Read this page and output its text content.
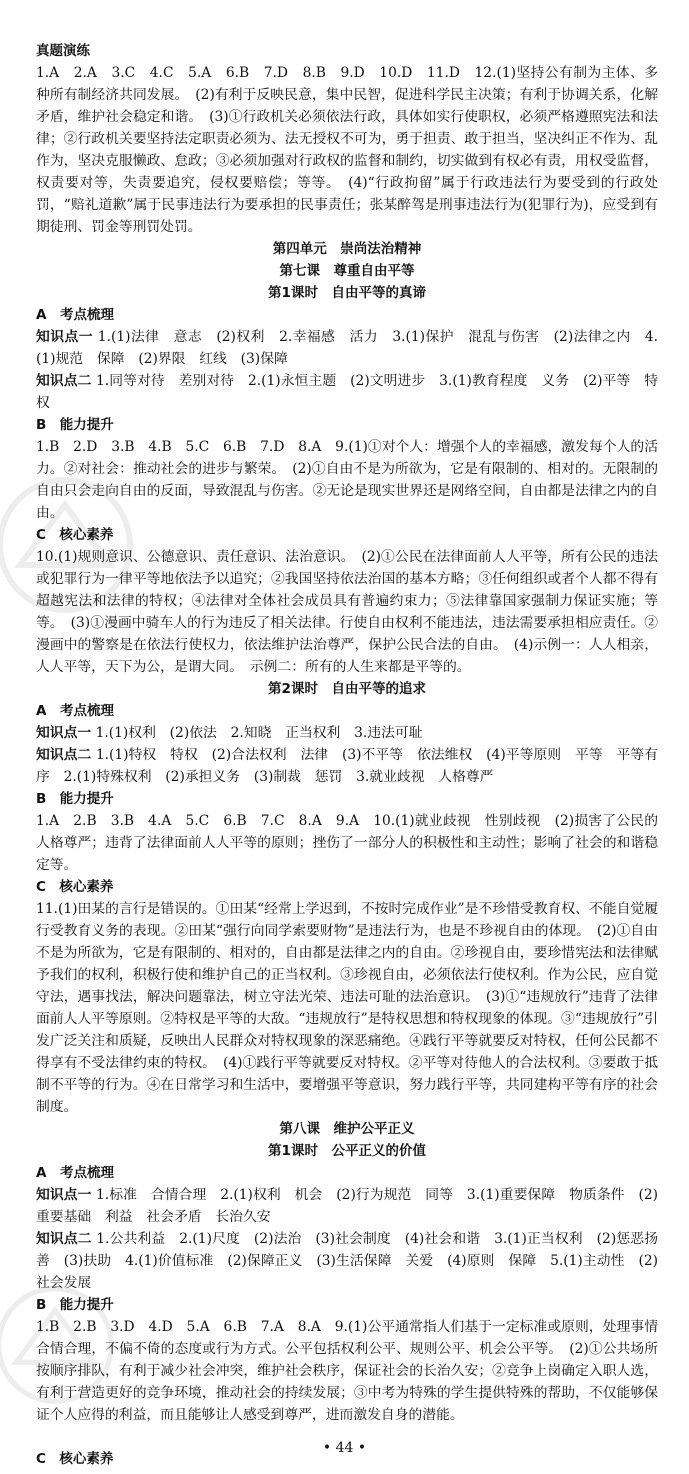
真题演练
1.A　2.A　3.C　4.C　5.A　6.B　7.D　8.B　9.D　10.D　11.D　12.(1)坚持公有制为主体、多种所有制经济共同发展。　(2)有利于反映民意，集中民智，促进科学民主决策；有利于协调关系，化解矛盾，维护社会稳定和谐。　(3)①行政机关必须依法行政，具体如实行使职权，必须严格遵照宪法和法律；②行政机关要坚持法定职责必须为、法无授权不可为，勇于担责、敢于担当，坚决纠正不作为、乱作为，坚决克服懒政、怠政；③必须加强对行政权的监督和制约，切实做到有权必有责，用权受监督，权责要对等，失责要追究，侵权要赔偿；等等。　(4)“行政拘留”属于行政违法行为要受到的行政处罚，“赔礼道歉”属于民事违法行为要承担的民事责任；张某醉驾是刑事违法行为(犯罪行为)，应受到有期徒刑、罚金等刑罚处罚。
第四单元　崇尚法治精神
第七课　尊重自由平等
第1课时　自由平等的真谛
A　考点梳理
知识点一 1.(1)法律　意志　(2)权利　2.幸福感　活力　3.(1)保护　混乱与伤害　(2)法律之内　4.(1)规范　保障　(2)界限　红线　(3)保障
知识点二 1.同等对待　差别对待　2.(1)永恒主题　(2)文明进步　3.(1)教育程度　义务　(2)平等　特权
B　能力提升
1.B　2.D　3.B　4.B　5.C　6.B　7.D　8.A　9.(1)①对个人：增强个人的幸福感，激发每个人的活力。②对社会：推动社会的进步与繁荣。　(2)①自由不是为所欲为，它是有限制的、相对的。无限制的自由只会走向自由的反面，导致混乱与伤害。②无论是现实世界还是网络空间，自由都是法律之内的自由。
C　核心素养
10.(1)规则意识、公德意识、责任意识、法治意识。　(2)①公民在法律面前人人平等，所有公民的违法或犯罪行为一律平等地依法予以追究；②我国坚持依法治国的基本方略；③任何组织或者个人都不得有超越宪法和法律的特权；④法律对全体社会成员具有普遍约束力；⑤法律靠国家强制力保证实施；等等。　(3)①漫画中骑车人的行为违反了相关法律。行使自由权利不能违法，违法需要承担相应责任。②漫画中的警察是在依法行使权力，依法维护法治尊严，保护公民合法的自由。　(4)示例一：人人相亲，人人平等，天下为公，是谓大同。　示例二：所有的人生来都是平等的。
第2课时　自由平等的追求
A　考点梳理
知识点一 1.(1)权利　(2)依法　2.知晓　正当权利　3.违法可耻
知识点二 1.(1)特权　特权　(2)合法权利　法律　(3)不平等　依法维权　(4)平等原则　平等　平等有序　2.(1)特殊权利　(2)承担义务　(3)制裁　惩罚　3.就业歧视　人格尊严
B　能力提升
1.A　2.B　3.B　4.A　5.C　6.B　7.C　8.A　9.A　10.(1)就业歧视　性别歧视　(2)损害了公民的人格尊严；违背了法律面前人人平等的原则；挫伤了一部分人的积极性和主动性；影响了社会的和谐稳定等。
C　核心素养
11.(1)田某的言行是错误的。①田某“经常上学迟到，不按时完成作业”是不珍惜受教育权、不能自觉履行受教育义务的表现。②田某“强行向同学索要财物”是违法行为，也是不珍视自由的体现。　(2)①自由不是为所欲为，它是有限制的、相对的，自由都是法律之内的自由。②珍视自由，要珍惜宪法和法律赋予我们的权利，积极行使和维护自己的正当权利。③珍视自由，必须依法行使权利。作为公民，应自觉守法，遇事找法，解决问题靠法，树立守法光荣、违法可耻的法治意识。　(3)①“违规放行”违背了法律面前人人平等原则。②特权是平等的大敌。“违规放行”是特权思想和特权现象的体现。③“违规放行”引发广泛关注和质疑，反映出人民群众对特权现象的深恶痛绝。④践行平等就要反对特权，任何公民都不得享有不受法律约束的特权。　(4)①践行平等就要反对特权。②平等对待他人的合法权利。③要敢于抵制不平等的行为。④在日常学习和生活中，要增强平等意识，努力践行平等，共同建构平等有序的社会制度。
第八课　维护公平正义
第1课时　公平正义的价值
A　考点梳理
知识点一 1.标准　合情合理　2.(1)权利　机会　(2)行为规范　同等　3.(1)重要保障　物质条件　(2)重要基础　利益　社会矛盾　长治久安
知识点二 1.公共利益　2.(1)尺度　(2)法治　(3)社会制度　(4)社会和谐　3.(1)正当权利　(2)惩恶扬善　(3)扶助　4.(1)价值标准　(2)保障正义　(3)生活保障　关爱　(4)原则　保障　5.(1)主动性　(2)社会发展
B　能力提升
1.B　2.B　3.D　4.D　5.A　6.B　7.A　8.A　9.(1)公平通常指人们基于一定标准或原则，处理事情合情合理，不偏不倚的态度或行为方式。公平包括权利公平、规则公平、机会公平等。　(2)①公共场所按顺序排队，有利于减少社会冲突，维护社会秩序，保证社会的长治久安；②竞争上岗确定入职人选，有利于营造更好的竞争环境，推动社会的持续发展；③中考为特殊的学生提供特殊的帮助，不仅能够保证个人应得的利益，而且能够让人感受到尊严，进而激发自身的潜能。
C　核心素养
• 44 •
